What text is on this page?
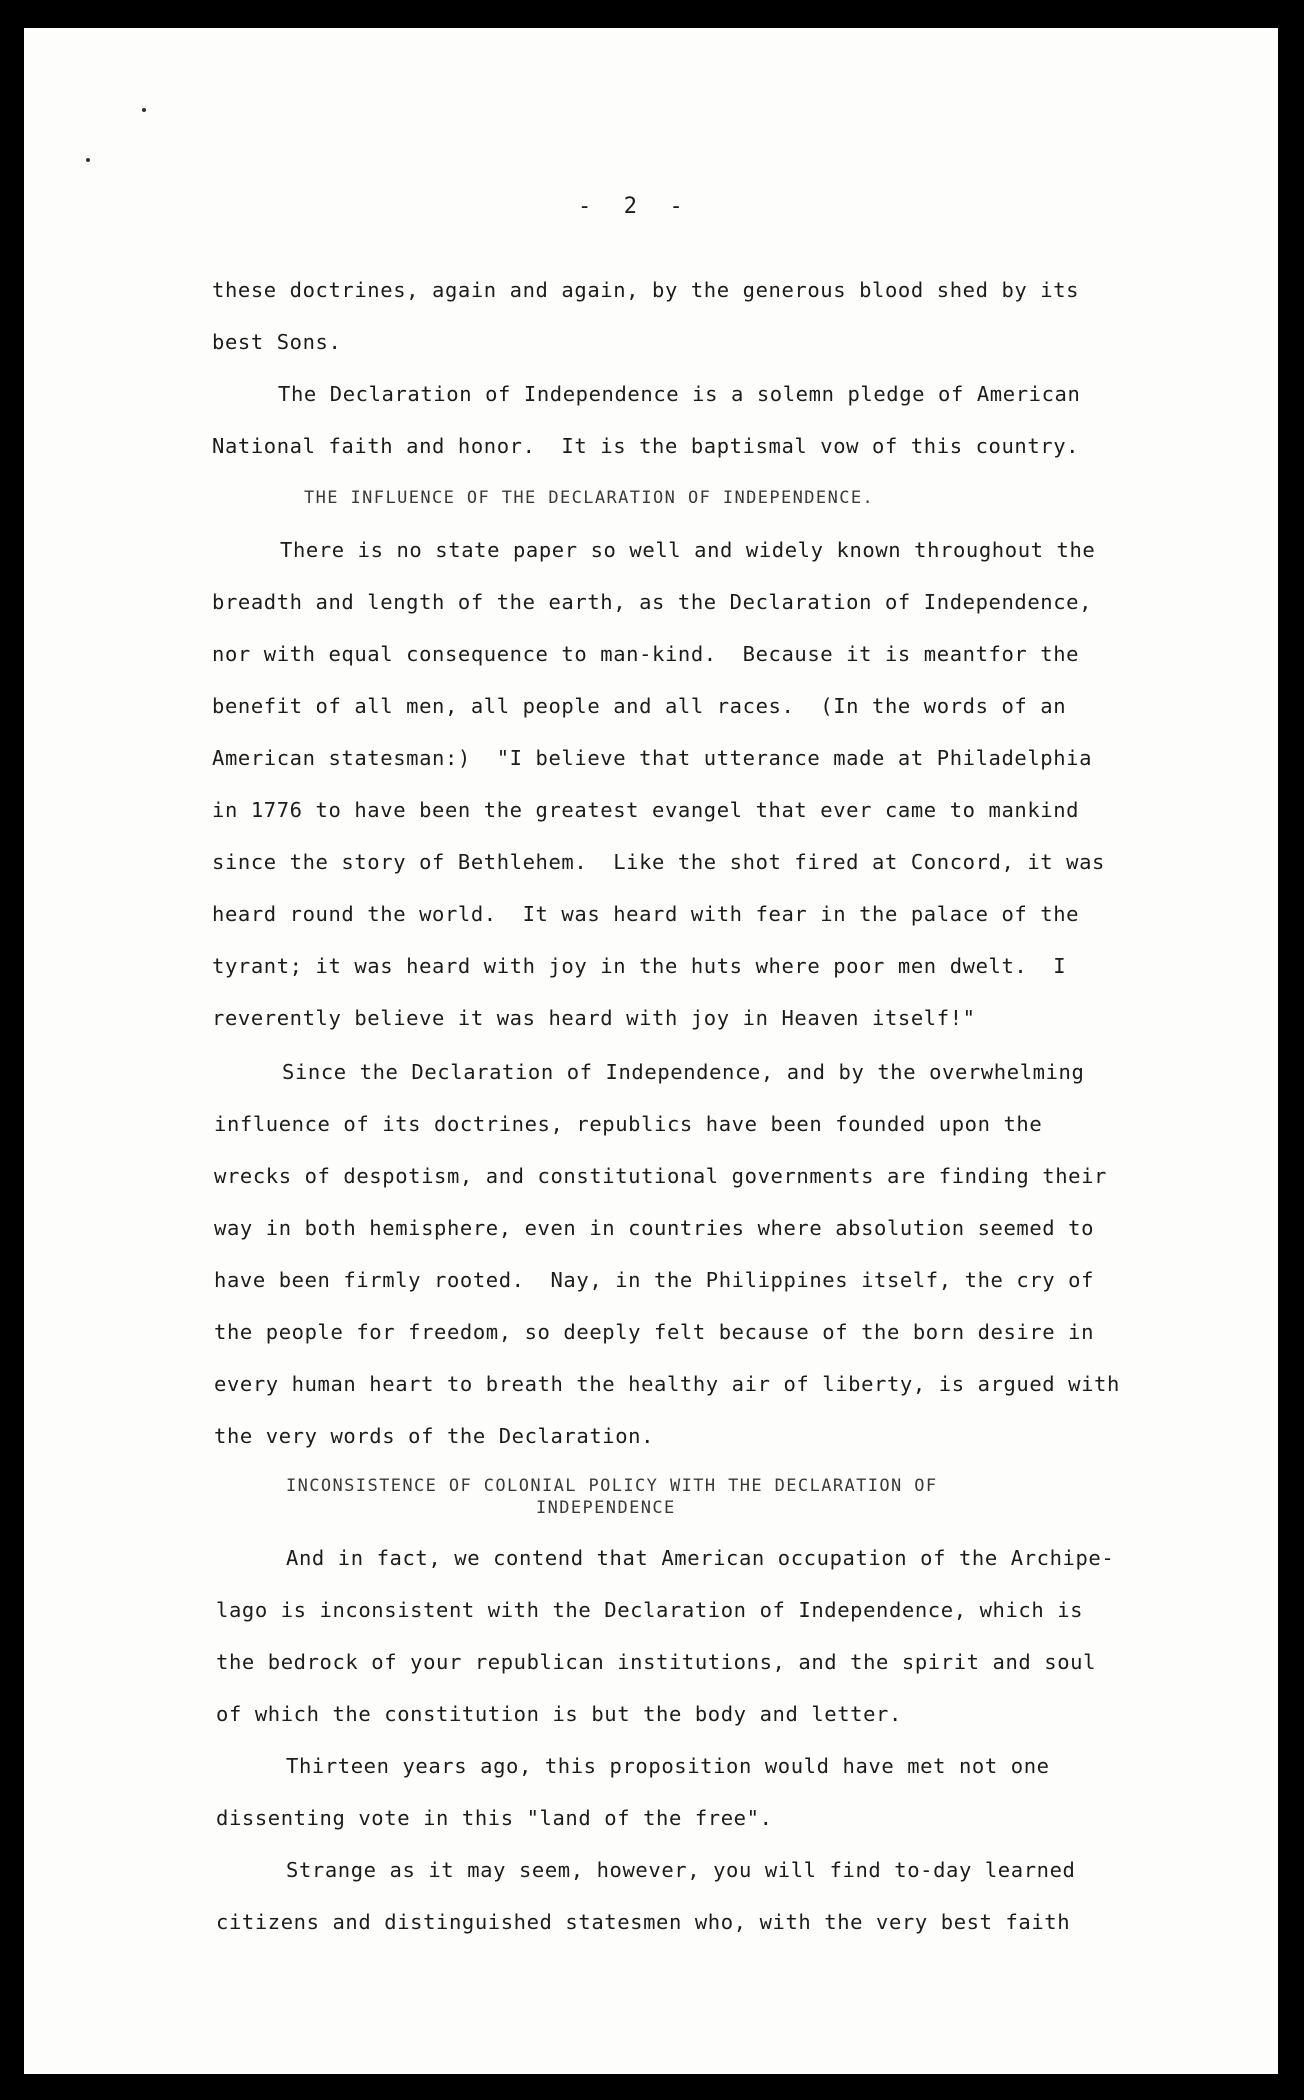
-  2  -
these doctrines, again and again, by the generous blood shed by its
best Sons.
The Declaration of Independence is a solemn pledge of American
National faith and honor.  It is the baptismal vow of this country.
THE INFLUENCE OF THE DECLARATION OF INDEPENDENCE.
There is no state paper so well and widely known throughout the
breadth and length of the earth, as the Declaration of Independence,
nor with equal consequence to man-kind.  Because it is meantfor the
benefit of all men, all people and all races.  (In the words of an
American statesman:)  "I believe that utterance made at Philadelphia
in 1776 to have been the greatest evangel that ever came to mankind
since the story of Bethlehem.  Like the shot fired at Concord, it was
heard round the world.  It was heard with fear in the palace of the
tyrant; it was heard with joy in the huts where poor men dwelt.  I
reverently believe it was heard with joy in Heaven itself!"
Since the Declaration of Independence, and by the overwhelming
influence of its doctrines, republics have been founded upon the
wrecks of despotism, and constitutional governments are finding their
way in both hemisphere, even in countries where absolution seemed to
have been firmly rooted.  Nay, in the Philippines itself, the cry of
the people for freedom, so deeply felt because of the born desire in
every human heart to breath the healthy air of liberty, is argued with
the very words of the Declaration.
INCONSISTENCE OF COLONIAL POLICY WITH THE DECLARATION OF
INDEPENDENCE
And in fact, we contend that American occupation of the Archipe-
lago is inconsistent with the Declaration of Independence, which is
the bedrock of your republican institutions, and the spirit and soul
of which the constitution is but the body and letter.
Thirteen years ago, this proposition would have met not one
dissenting vote in this "land of the free".
Strange as it may seem, however, you will find to-day learned
citizens and distinguished statesmen who, with the very best faith
